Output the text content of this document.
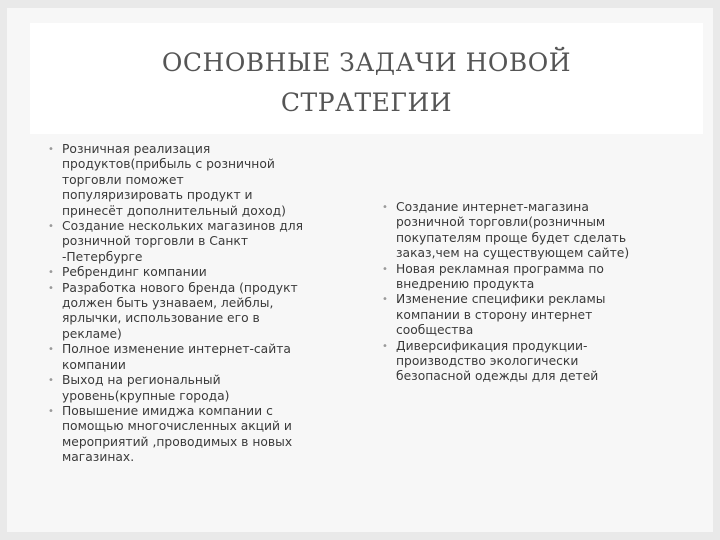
ОСНОВНЫЕ ЗАДАЧИ НОВОЙ
СТРАТЕГИИ
• Розничная реализация продуктов(прибыль с розничной торговли поможет популяризировать продукт и принесёт дополнительный доход)
• Создание нескольких магазинов для розничной торговли в Санкт -Петербурге
• Ребрендинг компании
• Разработка нового бренда (продукт должен быть узнаваем, лейблы, ярлычки, использование его в рекламе)
• Полное изменение интернет-сайта компании
• Выход на региональный уровень(крупные города)
• Повышение имиджа компании с помощью многочисленных акций и мероприятий ,проводимых в новых магазинах.
• Создание интернет-магазина розничной торговли(розничным покупателям проще будет сделать заказ,чем на существующем сайте)
• Новая рекламная программа по внедрению продукта
• Изменение специфики рекламы компании в сторону интернет сообщества
• Диверсификация продукции-производство экологически безопасной одежды для детей
